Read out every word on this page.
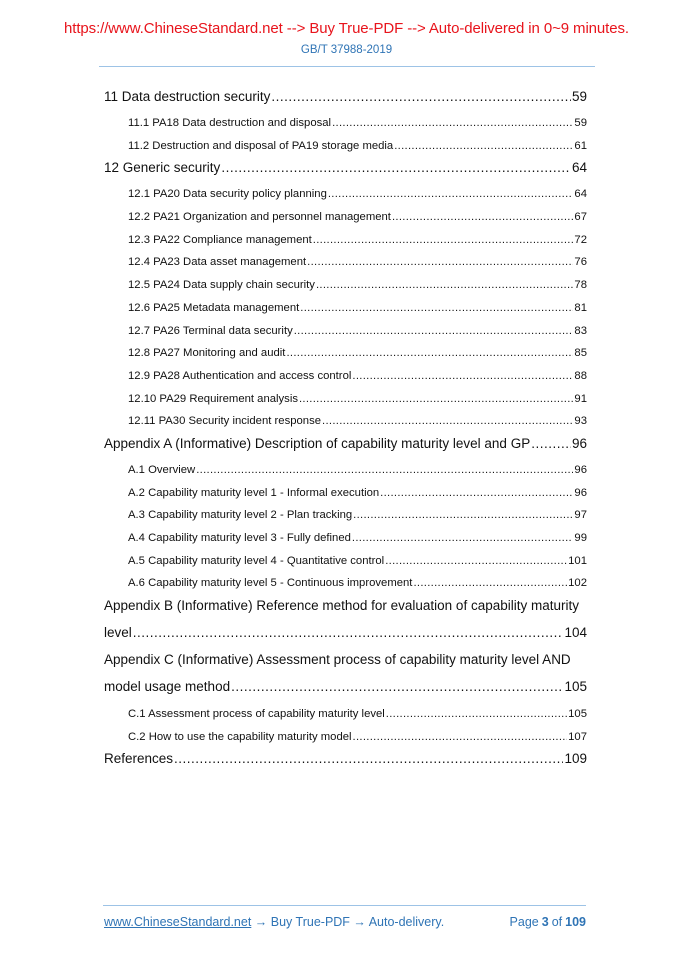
https://www.ChineseStandard.net --> Buy True-PDF --> Auto-delivered in 0~9 minutes.
GB/T 37988-2019
11 Data destruction security .....	59
11.1 PA18 Data destruction and disposal .....	59
11.2 Destruction and disposal of PA19 storage media .....	61
12 Generic security .....	64
12.1 PA20 Data security policy planning .....	64
12.2 PA21 Organization and personnel management .....	67
12.3 PA22 Compliance management .....	72
12.4 PA23 Data asset management .....	76
12.5 PA24 Data supply chain security .....	78
12.6 PA25 Metadata management .....	81
12.7 PA26 Terminal data security .....	83
12.8 PA27 Monitoring and audit .....	85
12.9 PA28 Authentication and access control .....	88
12.10 PA29 Requirement analysis .....	91
12.11 PA30 Security incident response .....	93
Appendix A (Informative) Description of capability maturity level and GP .....	96
A.1 Overview .....	96
A.2 Capability maturity level 1 - Informal execution .....	96
A.3 Capability maturity level 2 - Plan tracking .....	97
A.4 Capability maturity level 3 - Fully defined .....	99
A.5 Capability maturity level 4 - Quantitative control .....	101
A.6 Capability maturity level 5 - Continuous improvement .....	102
Appendix B (Informative) Reference method for evaluation of capability maturity
level .....	104
Appendix C (Informative) Assessment process of capability maturity level AND
model usage method .....	105
C.1 Assessment process of capability maturity level .....	105
C.2 How to use the capability maturity model .....	107
References .....	109
www.ChineseStandard.net → Buy True-PDF → Auto-delivery.	Page 3 of 109
